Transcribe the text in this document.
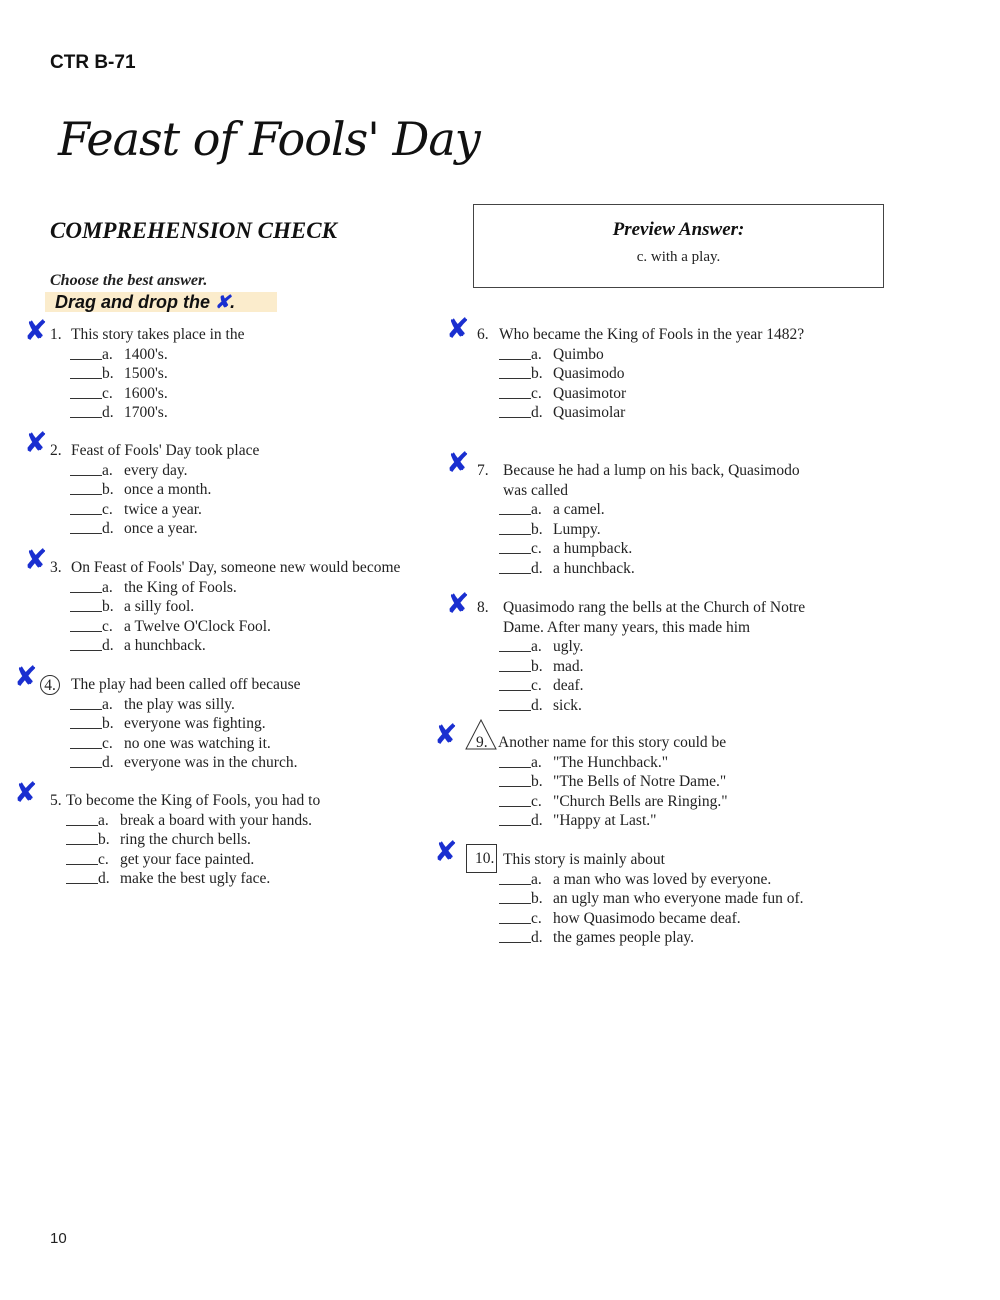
CTR B-71
Feast of Fools' Day
COMPREHENSION CHECK	Preview Answer:
c. with a play.
Choose the best answer.
Drag and drop the ✘.
✘ 1. This story takes place in the
a. 1400's.
b. 1500's.
c. 1600's.
d. 1700's.
✘ 2. Feast of Fools' Day took place
a. every day.
b. once a month.
c. twice a year.
d. once a year.
✘ 3. On Feast of Fools' Day, someone new would become
a. the King of Fools.
b. a silly fool.
c. a Twelve O'Clock Fool.
d. a hunchback.
✘ 4. The play had been called off because
a. the play was silly.
b. everyone was fighting.
c. no one was watching it.
d. everyone was in the church.
✘ 5. To become the King of Fools, you had to
a. break a board with your hands.
b. ring the church bells.
c. get your face painted.
d. make the best ugly face.
✘ 6. Who became the King of Fools in the year 1482?
a. Quimbo
b. Quasimodo
c. Quasimotor
d. Quasimolar
✘ 7. Because he had a lump on his back, Quasimodo
was called
a. a camel.
b. Lumpy.
c. a humpback.
d. a hunchback.
✘ 8. Quasimodo rang the bells at the Church of Notre
Dame. After many years, this made him
a. ugly.
b. mad.
c. deaf.
d. sick.
✘	9. Another name for this story could be
a. "The Hunchback."
b. "The Bells of Notre Dame."
c. "Church Bells are Ringing."
d. "Happy at Last."
✘	10. This story is mainly about
a. a man who was loved by everyone.
b. an ugly man who everyone made fun of.
c. how Quasimodo became deaf.
d. the games people play.
10
